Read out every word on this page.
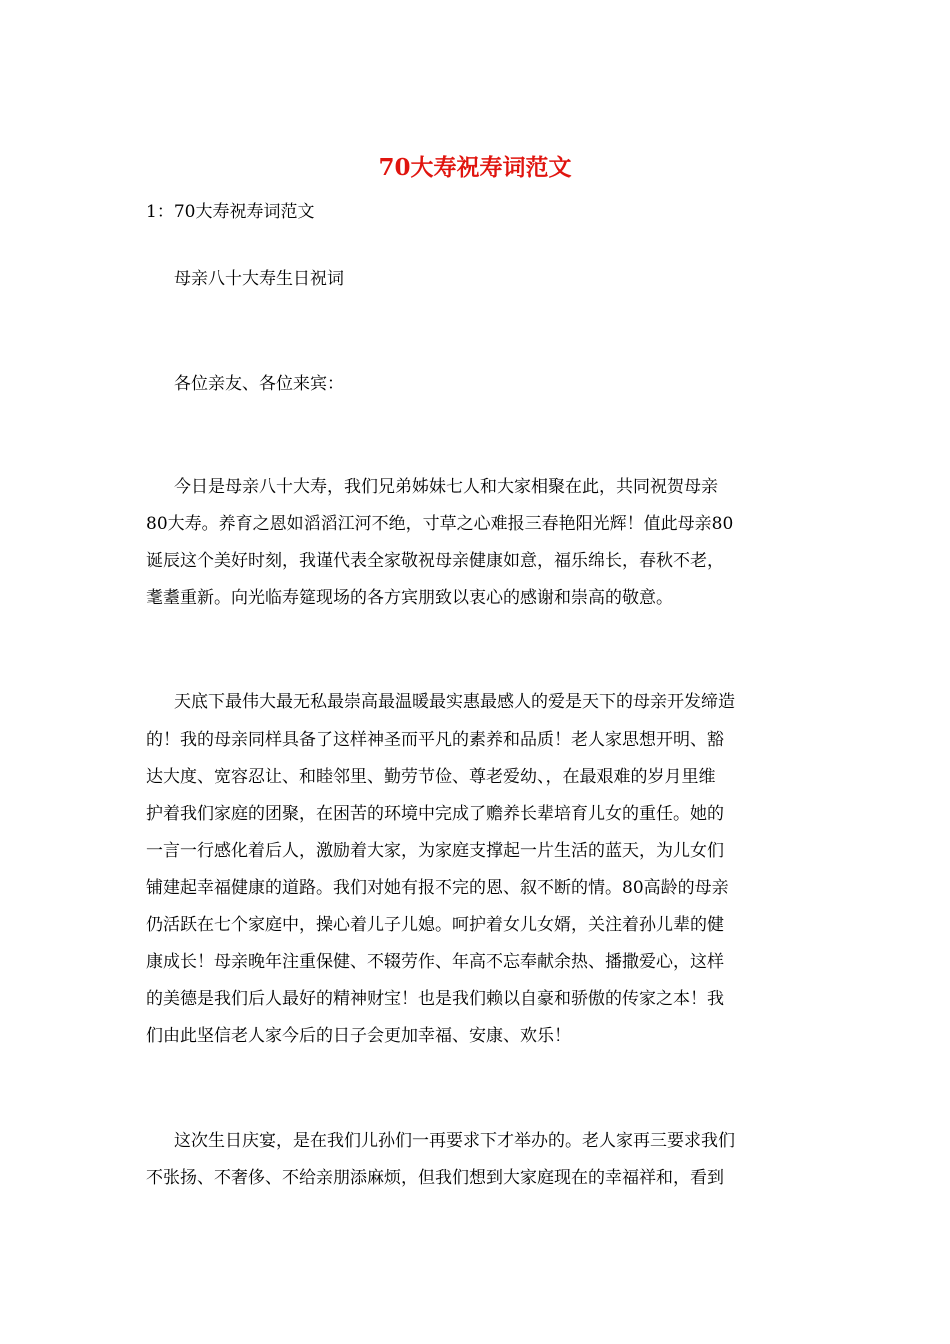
70大寿祝寿词范文
1：70大寿祝寿词范文
母亲八十大寿生日祝词
各位亲友、各位来宾：
今日是母亲八十大寿，我们兄弟姊妹七人和大家相聚在此，共同祝贺母亲
80大寿。养育之恩如滔滔江河不绝，寸草之心难报三春艳阳光辉！值此母亲80
诞辰这个美好时刻，我谨代表全家敬祝母亲健康如意，福乐绵长，春秋不老，
耄耋重新。向光临寿筵现场的各方宾朋致以衷心的感谢和崇高的敬意。
天底下最伟大最无私最崇高最温暖最实惠最感人的爱是天下的母亲开发缔造
的！我的母亲同样具备了这样神圣而平凡的素养和品质！老人家思想开明、豁
达大度、宽容忍让、和睦邻里、勤劳节俭、尊老爱幼、，在最艰难的岁月里维
护着我们家庭的团聚，在困苦的环境中完成了赡养长辈培育儿女的重任。她的
一言一行感化着后人，激励着大家，为家庭支撑起一片生活的蓝天，为儿女们
铺建起幸福健康的道路。我们对她有报不完的恩、叙不断的情。80高龄的母亲
仍活跃在七个家庭中，操心着儿子儿媳。呵护着女儿女婿，关注着孙儿辈的健
康成长！母亲晚年注重保健、不辍劳作、年高不忘奉献余热、播撒爱心，这样
的美德是我们后人最好的精神财宝！也是我们赖以自豪和骄傲的传家之本！我
们由此坚信老人家今后的日子会更加幸福、安康、欢乐！
这次生日庆宴，是在我们儿孙们一再要求下才举办的。老人家再三要求我们
不张扬、不奢侈、不给亲朋添麻烦，但我们想到大家庭现在的幸福祥和，看到
